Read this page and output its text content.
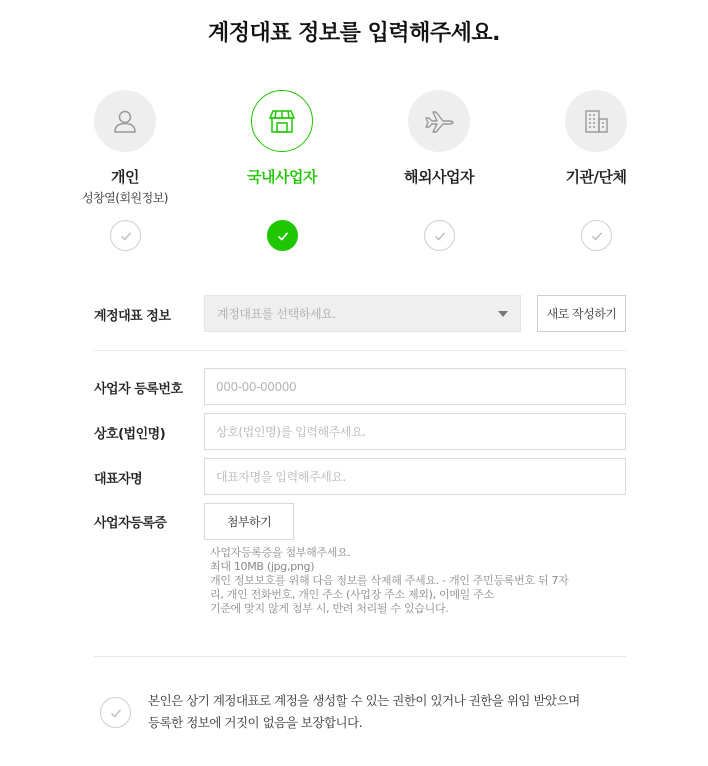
계정대표 정보를 입력해주세요.
개인
성창열(회원정보)
국내사업자	해외사업자	기관/단체
계정대표 정보	계정대표를 선택하세요.	새로 작성하기
사업자 등록번호
000-00-00000
상호(법인명)
상호(법인명)를 입력해주세요.
대표자명
대표자명을 입력해주세요.
사업자등록증	첨부하기

사업자등록증을 첨부해주세요.

최대 10MB (jpg,png)

개인 정보보호를 위해 다음 정보를 삭제해 주세요. - 개인 주민등록번호 뒤 7자

리, 개인 전화번호, 개인 주소 (사업장 주소 제외), 이메일 주소

기준에 맞지 않게 첨부 시, 반려 처리될 수 있습니다.

본인은 상기 계정대표로 계정을 생성할 수 있는 권한이 있거나 권한을 위임 받았으며
등록한 정보에 거짓이 없음을 보장합니다.
